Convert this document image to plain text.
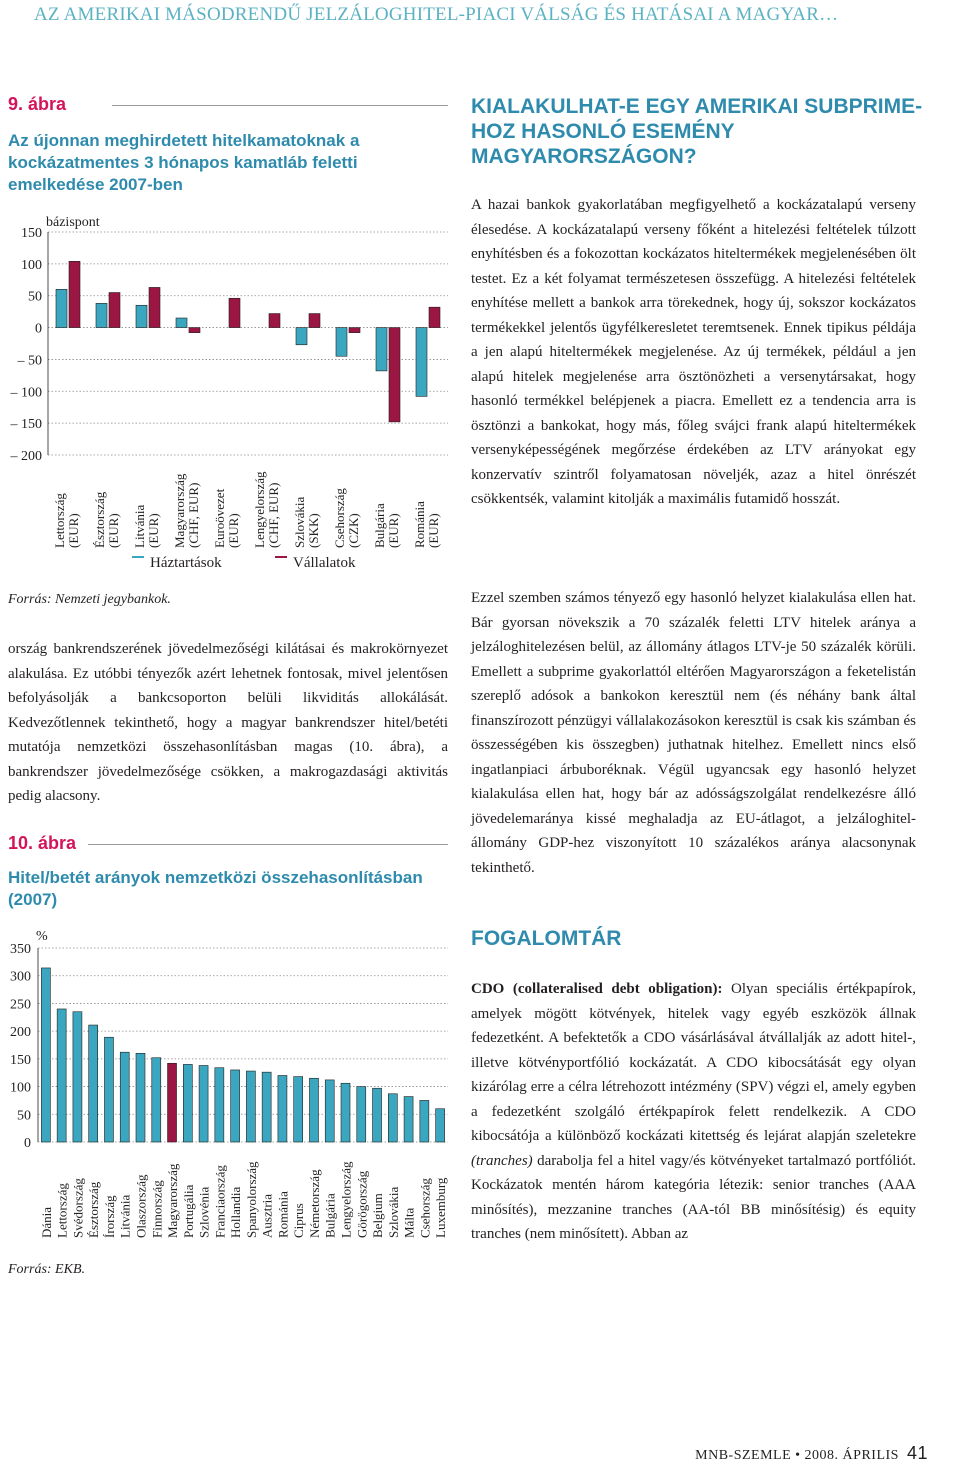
AZ AMERIKAI MÁSODRENDŰ JELZÁLOGHITEL-PIACI VÁLSÁG ÉS HATÁSAI A MAGYAR…
9. ábra
Az újonnan meghirdetett hitelkamatoknak a kockázatmentes 3 hónapos kamatláb feletti emelkedése 2007-ben
bázispont
150
100
50
0
– 50
– 100
– 150
– 200
Lettország (EUR) Észtország (EUR) Litvánia (EUR) Magyarország (CHF, EUR) Euroövezet (EUR) Lengyelország (CHF, EUR) Szlovákia (SKK) Csehország (CZK) Bulgária (EUR) Románia (EUR)
Háztartások	Vállalatok
Forrás: Nemzeti jegybankok.

ország bankrendszerének jövedelmezőségi kilátásai és makrokörnyezet alakulása. Ez utóbbi tényezők azért lehetnek fontosak, mivel jelentősen befolyásolják a bankcsoporton belüli likviditás allokálását. Kedvezőtlennek tekinthető, hogy a magyar bankrendszer hitel/betéti mutatója nemzetközi összehasonlításban magas (10. ábra), a bankrendszer jövedelmezősége csökken, a makrogazdasági aktivitás pedig alacsony.

10. ábra
Hitel/betét arányok nemzetközi összehasonlításban (2007)
%
350
300
250
200
150
100
50
0
Dánia Lettország Svédország Észtország Írország Litvánia Olaszország Finnország Magyarország Portugália Szlovénia Franciaország Hollandia Spanyolország Ausztria Románia Ciprus Németország Bulgária Lengyelország Görögország Belgium Szlovákia Málta Csehország Luxemburg
Forrás: EKB.
KIALAKULHAT-E EGY AMERIKAI SUBPRIME-HOZ HASONLÓ ESEMÉNY MAGYARORSZÁGON?

A hazai bankok gyakorlatában megfigyelhető a kockázatalapú verseny élesedése. A kockázatalapú verseny főként a hitelezési feltételek túlzott enyhítésben és a fokozottan kockázatos hiteltermékek megjelenésében ölt testet. Ez a két folyamat természetesen összefügg. A hitelezési feltételek enyhítése mellett a bankok arra törekednek, hogy új, sokszor kockázatos termékekkel jelentős ügyfélkeresletet teremtsenek. Ennek tipikus példája a jen alapú hiteltermékek megjelenése. Az új termékek, például a jen alapú hitelek megjelenése arra ösztönözheti a versenytársakat, hogy hasonló termékkel belépjenek a piacra. Emellett ez a tendencia arra is ösztönzi a bankokat, hogy más, főleg svájci frank alapú hiteltermékek versenyképességének megőrzése érdekében az LTV arányokat egy konzervatív szintről folyamatosan növeljék, azaz a hitel önrészét csökkentsék, valamint kitolják a maximális futamidő hosszát.

Ezzel szemben számos tényező egy hasonló helyzet kialakulása ellen hat. Bár gyorsan növekszik a 70 százalék feletti LTV hitelek aránya a jelzáloghitelezésen belül, az állomány átlagos LTV-je 50 százalék körüli. Emellett a subprime gyakorlattól eltérően Magyarországon a feketelistán szereplő adósok a bankokon keresztül nem (és néhány bank által finanszírozott pénzügyi vállalakozásokon keresztül is csak kis számban és összességében kis összegben) juthatnak hitelhez. Emellett nincs első ingatlanpiaci árbuboréknak. Végül ugyancsak egy hasonló helyzet kialakulása ellen hat, hogy bár az adósságszolgálat rendelkezésre álló jövedelemaránya kissé meghaladja az EU-átlagot, a jelzáloghitel-állomány GDP-hez viszonyított 10 százalékos aránya alacsonynak tekinthető.

FOGALOMTÁR

CDO (collateralised debt obligation): Olyan speciális értékpapírok, amelyek mögött kötvények, hitelek vagy egyéb eszközök állnak fedezetként. A befektetők a CDO vásárlásával átvállalják az adott hitel-, illetve kötvényportfólió kockázatát. A CDO kibocsátását egy olyan kizárólag erre a célra létrehozott intézmény (SPV) végzi el, amely egyben a fedezetként szolgáló értékpapírok felett rendelkezik. A CDO kibocsátója a különböző kockázati kitettség és lejárat alapján szeletekre (tranches) darabolja fel a hitel vagy/és kötvényeket tartalmazó portfóliót. Kockázatok mentén három kategória létezik: senior tranches (AAA minősítés), mezzanine tranches (AA-tól BB minősítésig) és equity tranches (nem minősített). Abban az

MNB-SZEMLE • 2008. ÁPRILIS 41
